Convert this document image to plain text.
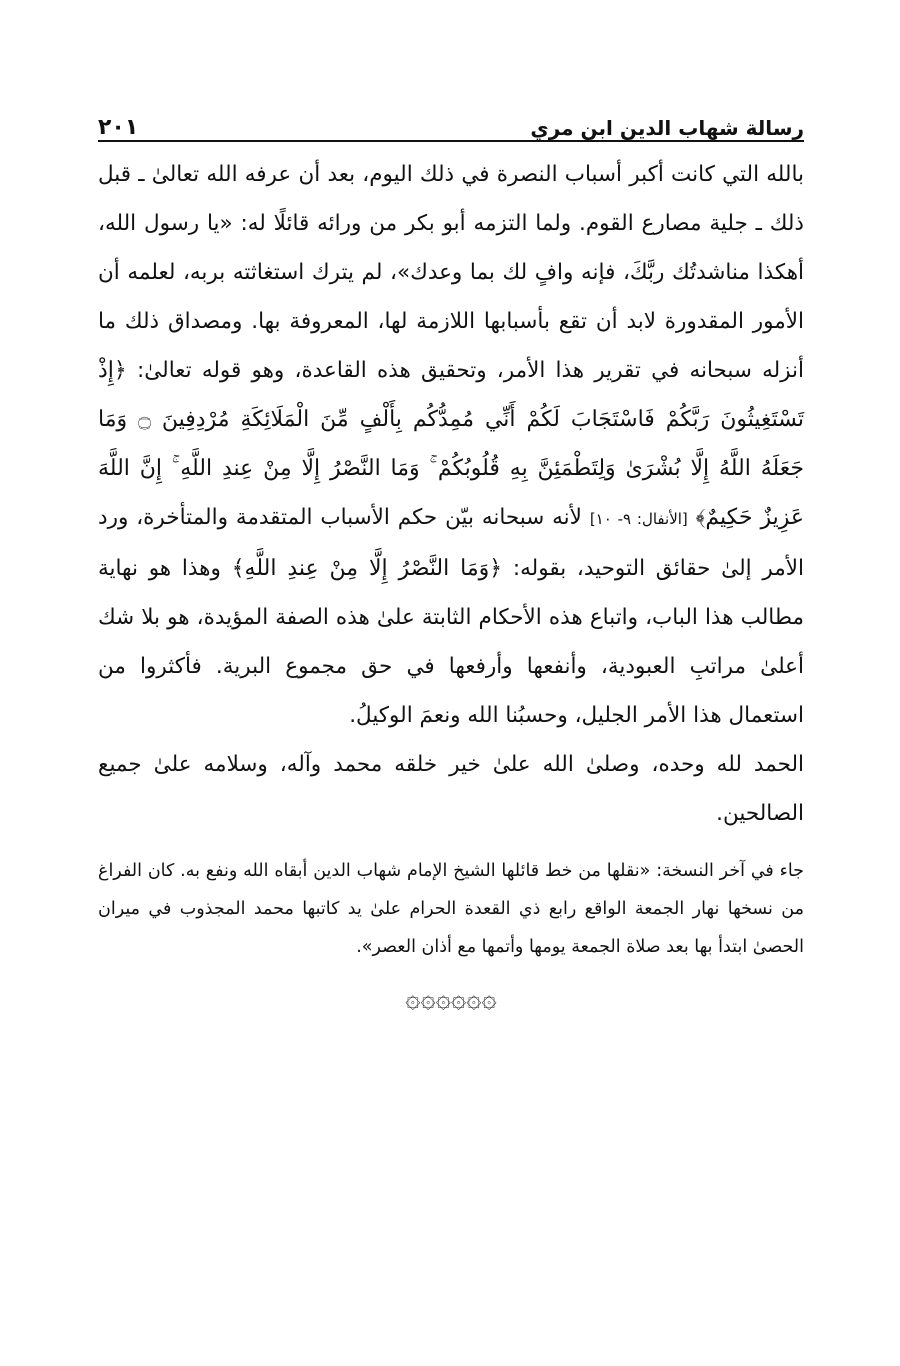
رسالة شهاب الدين ابن مري
٢٠١

بالله التي كانت أكبر أسباب النصرة في ذلك اليوم، بعد أن عرفه الله تعالىٰ ـ قبل ذلك ـ جلية مصارع القوم. ولما التزمه أبو بكر من ورائه قائلًا له: «يا رسول الله، أهكذا مناشدتُك ربَّكَ، فإنه وافٍ لك بما وعدك»، لم يترك استغاثته بربه، لعلمه أن الأمور المقدورة لابد أن تقع بأسبابها اللازمة لها، المعروفة بها. ومصداق ذلك ما أنزله سبحانه في تقرير هذا الأمر، وتحقيق هذه القاعدة، وهو قوله تعالىٰ: ﴿إِذْ تَسْتَغِيثُونَ رَبَّكُمْ فَاسْتَجَابَ لَكُمْ أَنِّي مُمِدُّكُم بِأَلْفٍ مِّنَ الْمَلَائِكَةِ مُرْدِفِينَ ۝ وَمَا جَعَلَهُ اللَّهُ إِلَّا بُشْرَىٰ وَلِتَطْمَئِنَّ بِهِ قُلُوبُكُمْ ۚ وَمَا النَّصْرُ إِلَّا مِنْ عِندِ اللَّهِ ۚ إِنَّ اللَّهَ عَزِيزٌ حَكِيمٌ﴾ [الأنفال: ٩- ١٠] لأنه سبحانه بيّن حكم الأسباب المتقدمة والمتأخرة، ورد الأمر إلىٰ حقائق التوحيد، بقوله: ﴿وَمَا النَّصْرُ إِلَّا مِنْ عِندِ اللَّهِ﴾ وهذا هو نهاية مطالب هذا الباب، واتباع هذه الأحكام الثابتة علىٰ هذه الصفة المؤيدة، هو بلا شك أعلىٰ مراتبِ العبودية، وأنفعها وأرفعها في حق مجموع البرية. فأكثروا من استعمال هذا الأمر الجليل، وحسبُنا الله ونعمَ الوكيلُ.

الحمد لله وحده، وصلىٰ الله علىٰ خير خلقه محمد وآله، وسلامه علىٰ جميع الصالحين.

جاء في آخر النسخة: «نقلها من خط قائلها الشيخ الإمام شهاب الدين أبقاه الله ونفع به. كان الفراغ من نسخها نهار الجمعة الواقع رابع ذي القعدة الحرام علىٰ يد كاتبها محمد المجذوب في ميران الحصىٰ ابتدأ بها بعد صلاة الجمعة يومها وأتمها مع أذان العصر».

۞۞۞۞۞۞
